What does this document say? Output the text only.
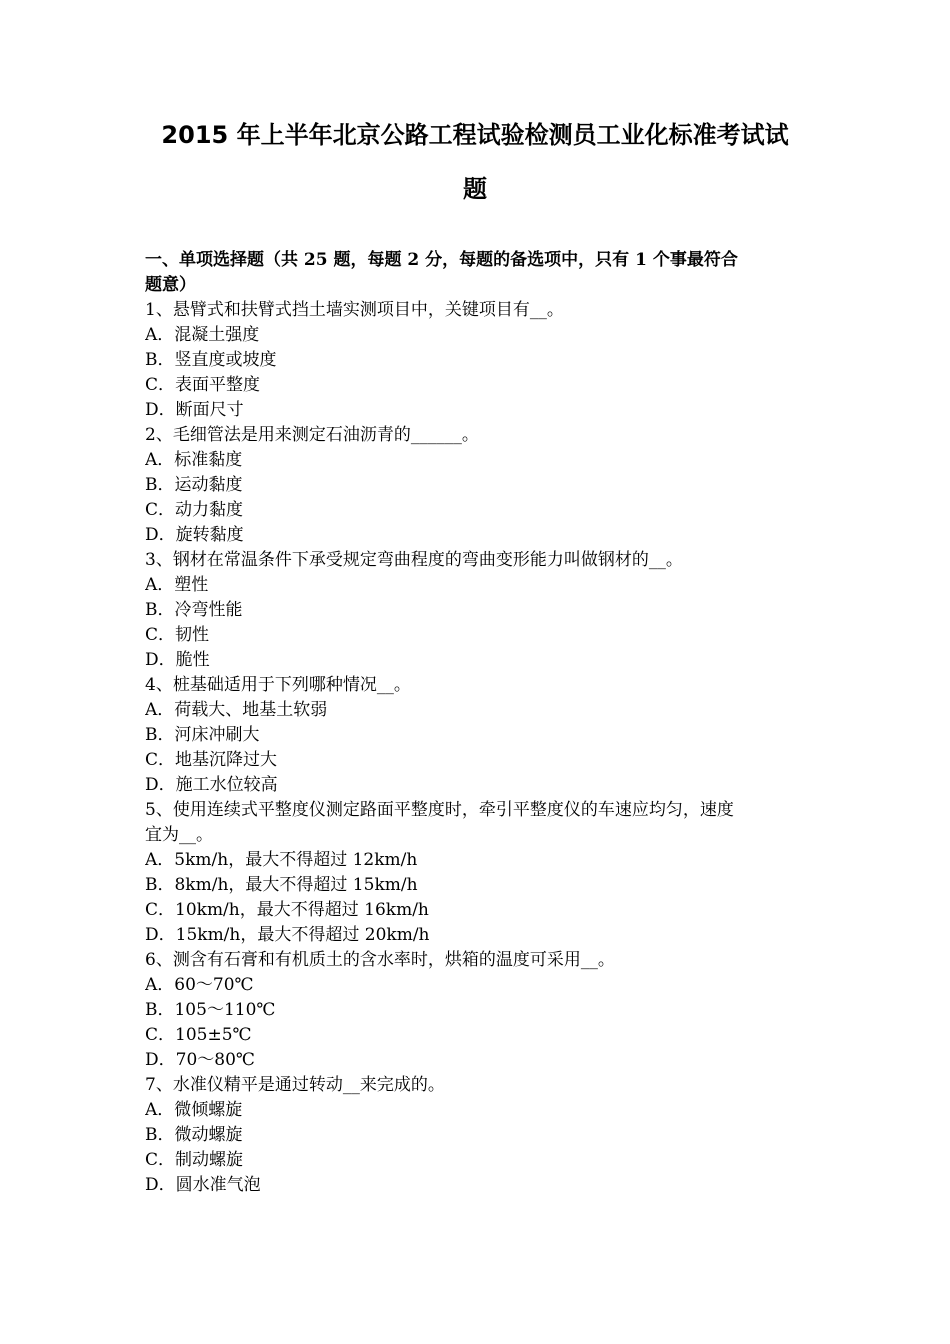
2015 年上半年北京公路工程试验检测员工业化标准考试试
题
一、单项选择题（共 25 题，每题 2 分，每题的备选项中，只有 1 个事最符合
题意）
1、悬臂式和扶臂式挡土墙实测项目中，关键项目有__。
A．混凝土强度
B．竖直度或坡度
C．表面平整度
D．断面尺寸
2、毛细管法是用来测定石油沥青的______。
A．标准黏度
B．运动黏度
C．动力黏度
D．旋转黏度
3、钢材在常温条件下承受规定弯曲程度的弯曲变形能力叫做钢材的__。
A．塑性
B．冷弯性能
C．韧性
D．脆性
4、桩基础适用于下列哪种情况__。
A．荷载大、地基土软弱
B．河床冲刷大
C．地基沉降过大
D．施工水位较高
5、使用连续式平整度仪测定路面平整度时，牵引平整度仪的车速应均匀，速度
宜为__。
A．5km/h，最大不得超过 12km/h
B．8km/h，最大不得超过 15km/h
C．10km/h，最大不得超过 16km/h
D．15km/h，最大不得超过 20km/h
6、测含有石膏和有机质土的含水率时，烘箱的温度可采用__。
A．60～70℃
B．105～110℃
C．105±5℃
D．70～80℃
7、水准仪精平是通过转动__来完成的。
A．微倾螺旋
B．微动螺旋
C．制动螺旋
D．圆水准气泡
